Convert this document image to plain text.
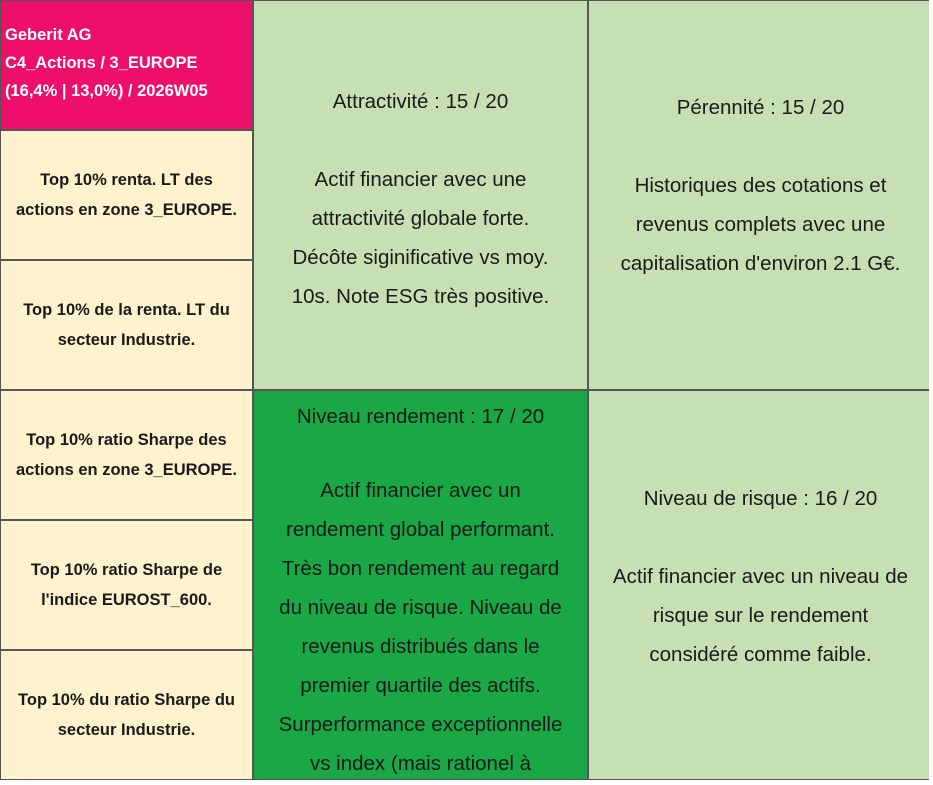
Geberit AG
C4_Actions / 3_EUROPE
(16,4% | 13,0%) / 2026W05
Top 10% renta. LT des
actions en zone 3_EUROPE.
Top 10% de la renta. LT du
secteur Industrie.
Top 10% ratio Sharpe des
actions en zone 3_EUROPE.
Top 10% ratio Sharpe de
l'indice EUROST_600.
Top 10% du ratio Sharpe du
secteur Industrie.
Attractivité : 15 / 20
Actif financier avec une
attractivité globale forte.
Décôte siginificative vs moy.
10s. Note ESG très positive.
Pérennité : 15 / 20
Historiques des cotations et
revenus complets avec une
capitalisation d'environ 2.1 G€.
Niveau rendement : 17 / 20
Actif financier avec un
rendement global performant.
Très bon rendement au regard
du niveau de risque. Niveau de
revenus distribués dans le
premier quartile des actifs.
Surperformance exceptionnelle
vs index (mais rationel à
Niveau de risque : 16 / 20
Actif financier avec un niveau de
risque sur le rendement
considéré comme faible.
